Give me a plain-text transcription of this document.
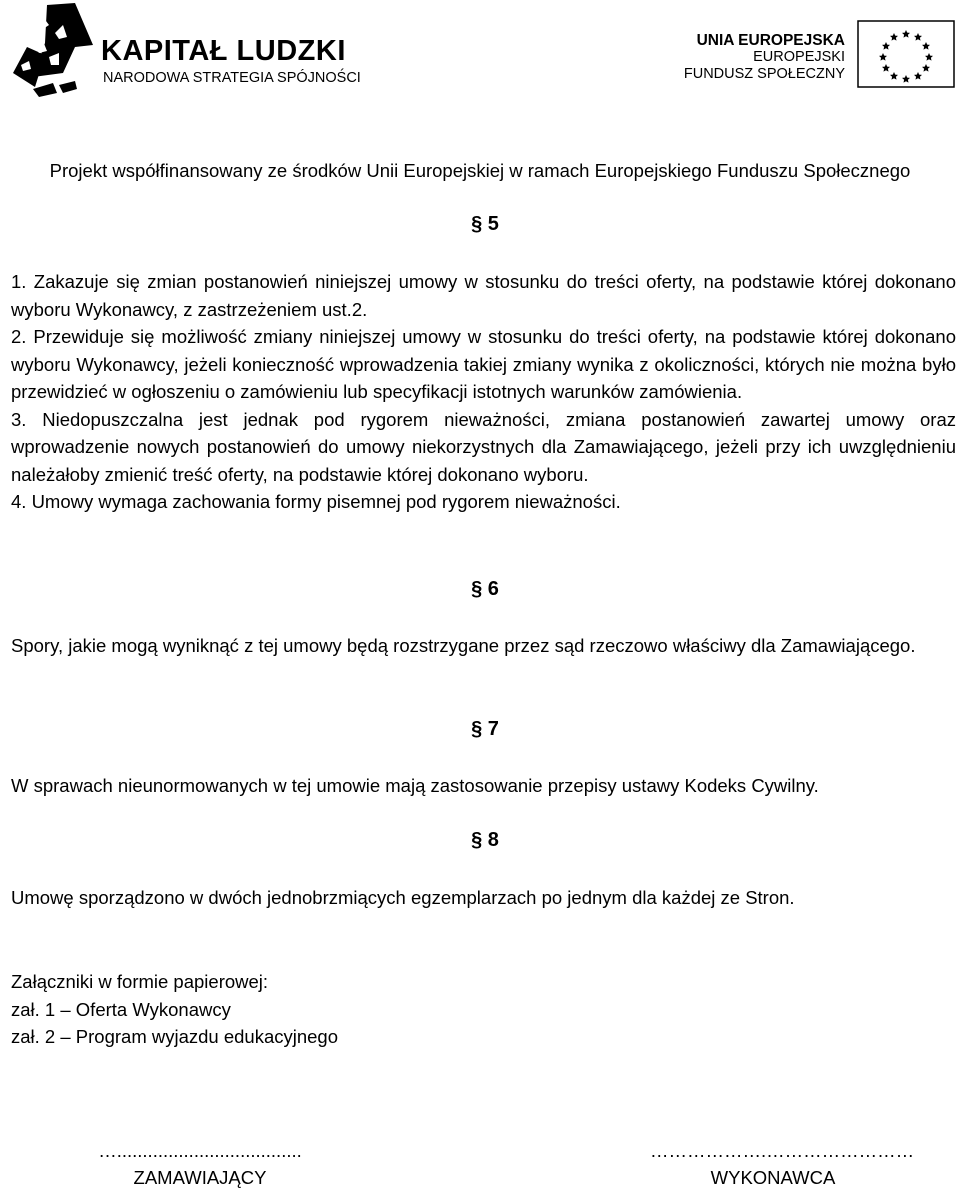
KAPITAŁ LUDZKI
NARODOWA STRATEGIA SPÓJNOŚCI
UNIA EUROPEJSKA
EUROPEJSKI
FUNDUSZ SPOŁECZNY
Projekt współfinansowany ze środków Unii Europejskiej w ramach Europejskiego Funduszu Społecznego
§ 5

1. Zakazuje się zmian postanowień niniejszej umowy w stosunku do treści oferty, na podstawie której dokonano wyboru Wykonawcy, z zastrzeżeniem ust.2.

2. Przewiduje się możliwość zmiany niniejszej umowy w stosunku do treści oferty, na podstawie której dokonano wyboru Wykonawcy, jeżeli konieczność wprowadzenia takiej zmiany wynika z okoliczności, których nie można było przewidzieć w ogłoszeniu o zamówieniu lub specyfikacji istotnych warunków zamówienia.

3. Niedopuszczalna jest jednak pod rygorem nieważności, zmiana postanowień zawartej umowy oraz wprowadzenie nowych postanowień do umowy niekorzystnych dla Zamawiającego, jeżeli przy ich uwzględnieniu należałoby zmienić treść oferty, na podstawie której dokonano wyboru.

4. Umowy wymaga zachowania formy pisemnej pod rygorem nieważności.

§ 6

Spory, jakie mogą wyniknąć z tej umowy będą rozstrzygane przez sąd rzeczowo właściwy dla Zamawiającego.

§ 7

W sprawach nieunormowanych w tej umowie mają zastosowanie przepisy ustawy Kodeks Cywilny.

§ 8

Umowę sporządzono w dwóch jednobrzmiących egzemplarzach po jednym dla każdej ze Stron.

Załączniki w formie papierowej:

zał. 1 – Oferta Wykonawcy

zał. 2 – Program wyjazdu edukacyjnego

…....................................
ZAMAWIAJĄCY
……………….……………………
WYKONAWCA
